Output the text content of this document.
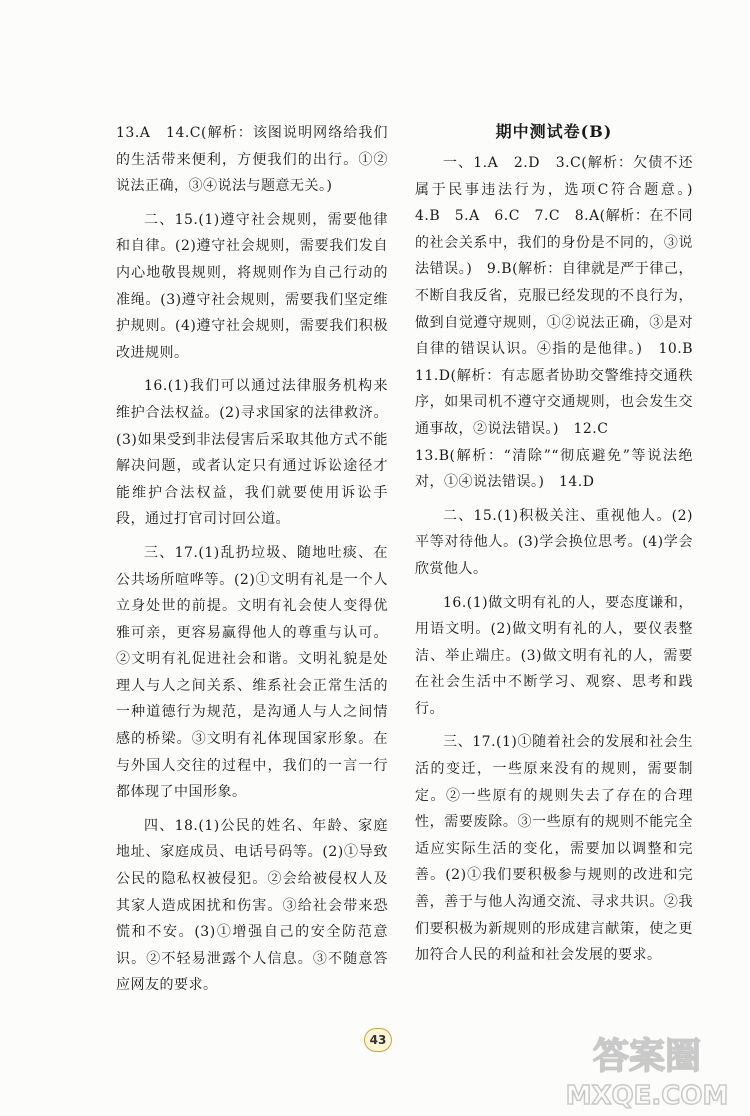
13.A　14.C(解析：该图说明网络给我们的生活带来便利，方便我们的出行。①②说法正确，③④说法与题意无关。)

二、15.(1)遵守社会规则，需要他律和自律。(2)遵守社会规则，需要我们发自内心地敬畏规则，将规则作为自己行动的准绳。(3)遵守社会规则，需要我们坚定维护规则。(4)遵守社会规则，需要我们积极改进规则。

16.(1)我们可以通过法律服务机构来维护合法权益。(2)寻求国家的法律救济。(3)如果受到非法侵害后采取其他方式不能解决问题，或者认定只有通过诉讼途径才能维护合法权益，我们就要使用诉讼手段，通过打官司讨回公道。

三、17.(1)乱扔垃圾、随地吐痰、在公共场所喧哗等。(2)①文明有礼是一个人立身处世的前提。文明有礼会使人变得优雅可亲，更容易赢得他人的尊重与认可。②文明有礼促进社会和谐。文明礼貌是处理人与人之间关系、维系社会正常生活的一种道德行为规范，是沟通人与人之间情感的桥梁。③文明有礼体现国家形象。在与外国人交往的过程中，我们的一言一行都体现了中国形象。

四、18.(1)公民的姓名、年龄、家庭地址、家庭成员、电话号码等。(2)①导致公民的隐私权被侵犯。②会给被侵权人及其家人造成困扰和伤害。③给社会带来恐慌和不安。(3)①增强自己的安全防范意识。②不轻易泄露个人信息。③不随意答应网友的要求。

期中测试卷(B)

一、1.A　2.D　3.C(解析：欠债不还属于民事违法行为，选项C符合题意。)　4.B　5.A　6.C　7.C　8.A(解析：在不同的社会关系中，我们的身份是不同的，③说法错误。)　9.B(解析：自律就是严于律己，不断自我反省，克服已经发现的不良行为，做到自觉遵守规则，①②说法正确，③是对自律的错误认识。④指的是他律。)　10.B　11.D(解析：有志愿者协助交警维持交通秩序，如果司机不遵守交通规则，也会发生交通事故，②说法错误。)　12.C

13.B(解析：“清除”“彻底避免”等说法绝对，①④说法错误。)　14.D

二、15.(1)积极关注、重视他人。(2)平等对待他人。(3)学会换位思考。(4)学会欣赏他人。

16.(1)做文明有礼的人，要态度谦和，用语文明。(2)做文明有礼的人，要仪表整洁、举止端庄。(3)做文明有礼的人，需要在社会生活中不断学习、观察、思考和践行。

三、17.(1)①随着社会的发展和社会生活的变迁，一些原来没有的规则，需要制定。②一些原有的规则失去了存在的合理性，需要废除。③一些原有的规则不能完全适应实际生活的变化，需要加以调整和完善。(2)①我们要积极参与规则的改进和完善，善于与他人沟通交流、寻求共识。②我们要积极为新规则的形成建言献策，使之更加符合人民的利益和社会发展的要求。

43	答案圈
MXQE.COM
